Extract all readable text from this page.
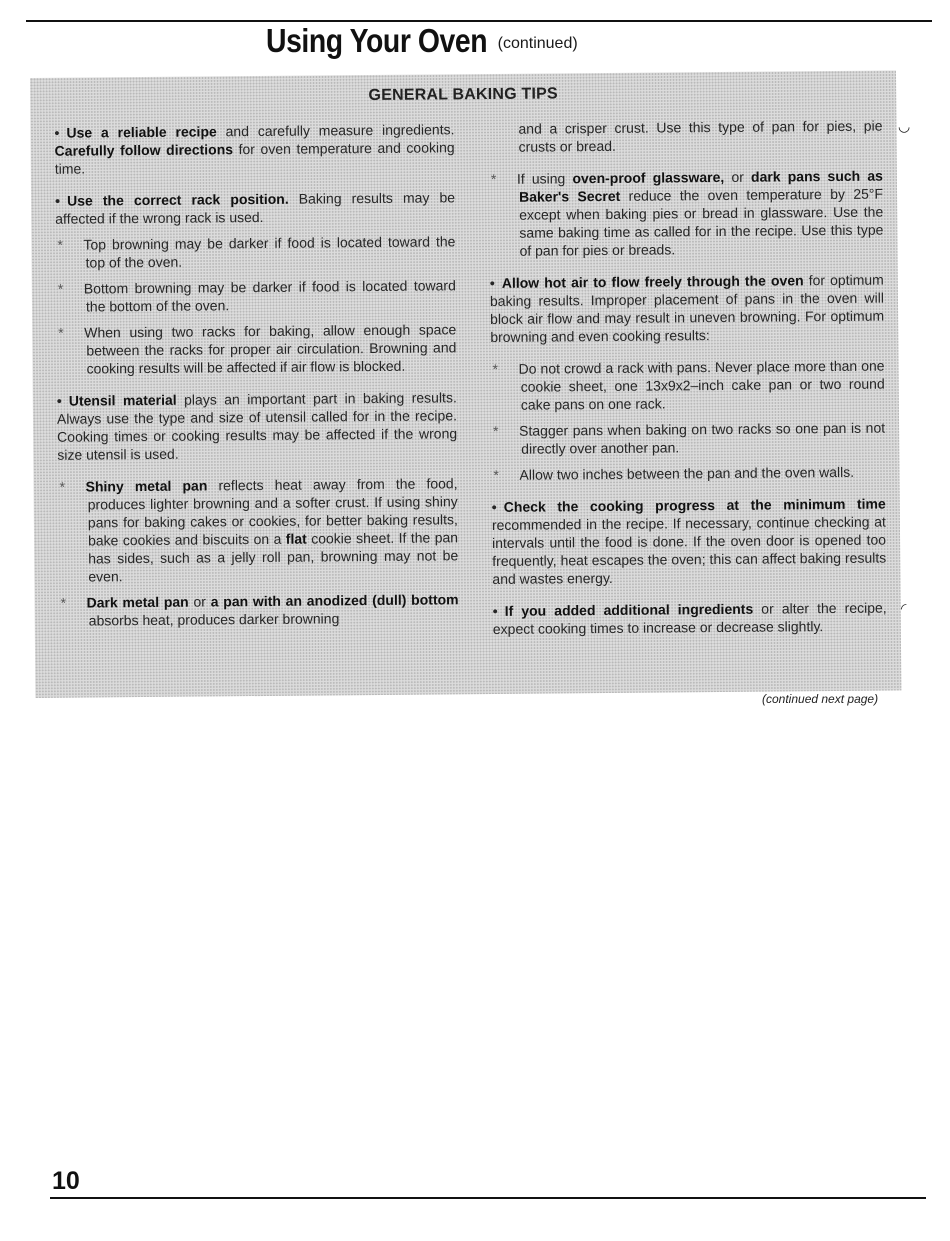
Using Your Oven (continued)
GENERAL BAKING TIPS

• Use a reliable recipe and carefully measure ingredients. Carefully follow directions for oven temperature and cooking time.

• Use the correct rack position. Baking results may be affected if the wrong rack is used.

* Top browning may be darker if food is located toward the top of the oven.

* Bottom browning may be darker if food is located toward the bottom of the oven.

* When using two racks for baking, allow enough space between the racks for proper air circulation. Browning and cooking results will be affected if air flow is blocked.

• Utensil material plays an important part in baking results. Always use the type and size of utensil called for in the recipe. Cooking times or cooking results may be affected if the wrong size utensil is used.

* Shiny metal pan reflects heat away from the food, produces lighter browning and a softer crust. If using shiny pans for baking cakes or cookies, for better baking results, bake cookies and biscuits on a flat cookie sheet. If the pan has sides, such as a jelly roll pan, browning may not be even.

* Dark metal pan or a pan with an anodized (dull) bottom absorbs heat, produces darker browning

and a crisper crust. Use this type of pan for pies, pie crusts or bread.

* If using oven-proof glassware, or dark pans such as Baker's Secret reduce the oven temperature by 25°F except when baking pies or bread in glassware. Use the same baking time as called for in the recipe. Use this type of pan for pies or breads.

• Allow hot air to flow freely through the oven for optimum baking results. Improper placement of pans in the oven will block air flow and may result in uneven browning. For optimum browning and even cooking results:

* Do not crowd a rack with pans. Never place more than one cookie sheet, one 13x9x2–inch cake pan or two round cake pans on one rack.

* Stagger pans when baking on two racks so one pan is not directly over another pan.

* Allow two inches between the pan and the oven walls.

• Check the cooking progress at the minimum time recommended in the recipe. If necessary, continue checking at intervals until the food is done. If the oven door is opened too frequently, heat escapes the oven; this can affect baking results and wastes energy.

• If you added additional ingredients or alter the recipe, expect cooking times to increase or decrease slightly.

(continued next page)
◡
◜
10
